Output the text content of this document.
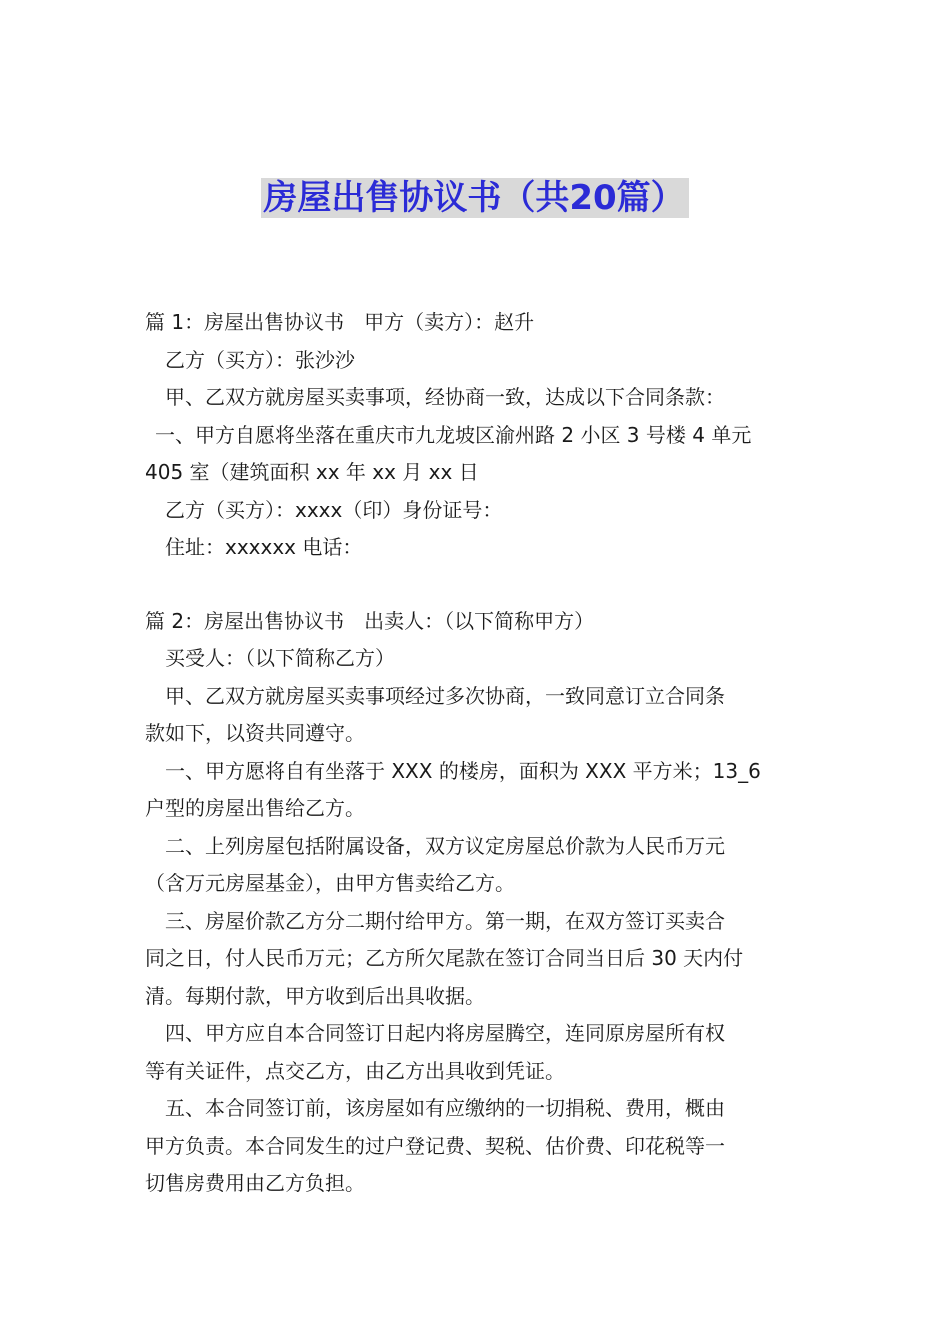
房屋出售协议书（共20篇）

篇 1：房屋出售协议书　甲方（卖方）：赵升

乙方（买方）：张沙沙

甲、乙双方就房屋买卖事项，经协商一致，达成以下合同条款：

一、甲方自愿将坐落在重庆市九龙坡区渝州路 2 小区 3 号楼 4 单元

405 室（建筑面积 xx 年 xx 月 xx 日

乙方（买方）：xxxx（印）身份证号：

住址：xxxxxx 电话：

篇 2：房屋出售协议书　出卖人：（以下简称甲方）

买受人：（以下简称乙方）

甲、乙双方就房屋买卖事项经过多次协商，一致同意订立合同条

款如下，以资共同遵守。

一、甲方愿将自有坐落于 XXX 的楼房，面积为 XXX 平方米；13_6

户型的房屋出售给乙方。

二、上列房屋包括附属设备，双方议定房屋总价款为人民币万元

（含万元房屋基金），由甲方售卖给乙方。

三、房屋价款乙方分二期付给甲方。第一期，在双方签订买卖合

同之日，付人民币万元；乙方所欠尾款在签订合同当日后 30 天内付

清。每期付款，甲方收到后出具收据。

四、甲方应自本合同签订日起内将房屋腾空，连同原房屋所有权

等有关证件，点交乙方，由乙方出具收到凭证。

五、本合同签订前，该房屋如有应缴纳的一切捐税、费用，概由

甲方负责。本合同发生的过户登记费、契税、估价费、印花税等一

切售房费用由乙方负担。
